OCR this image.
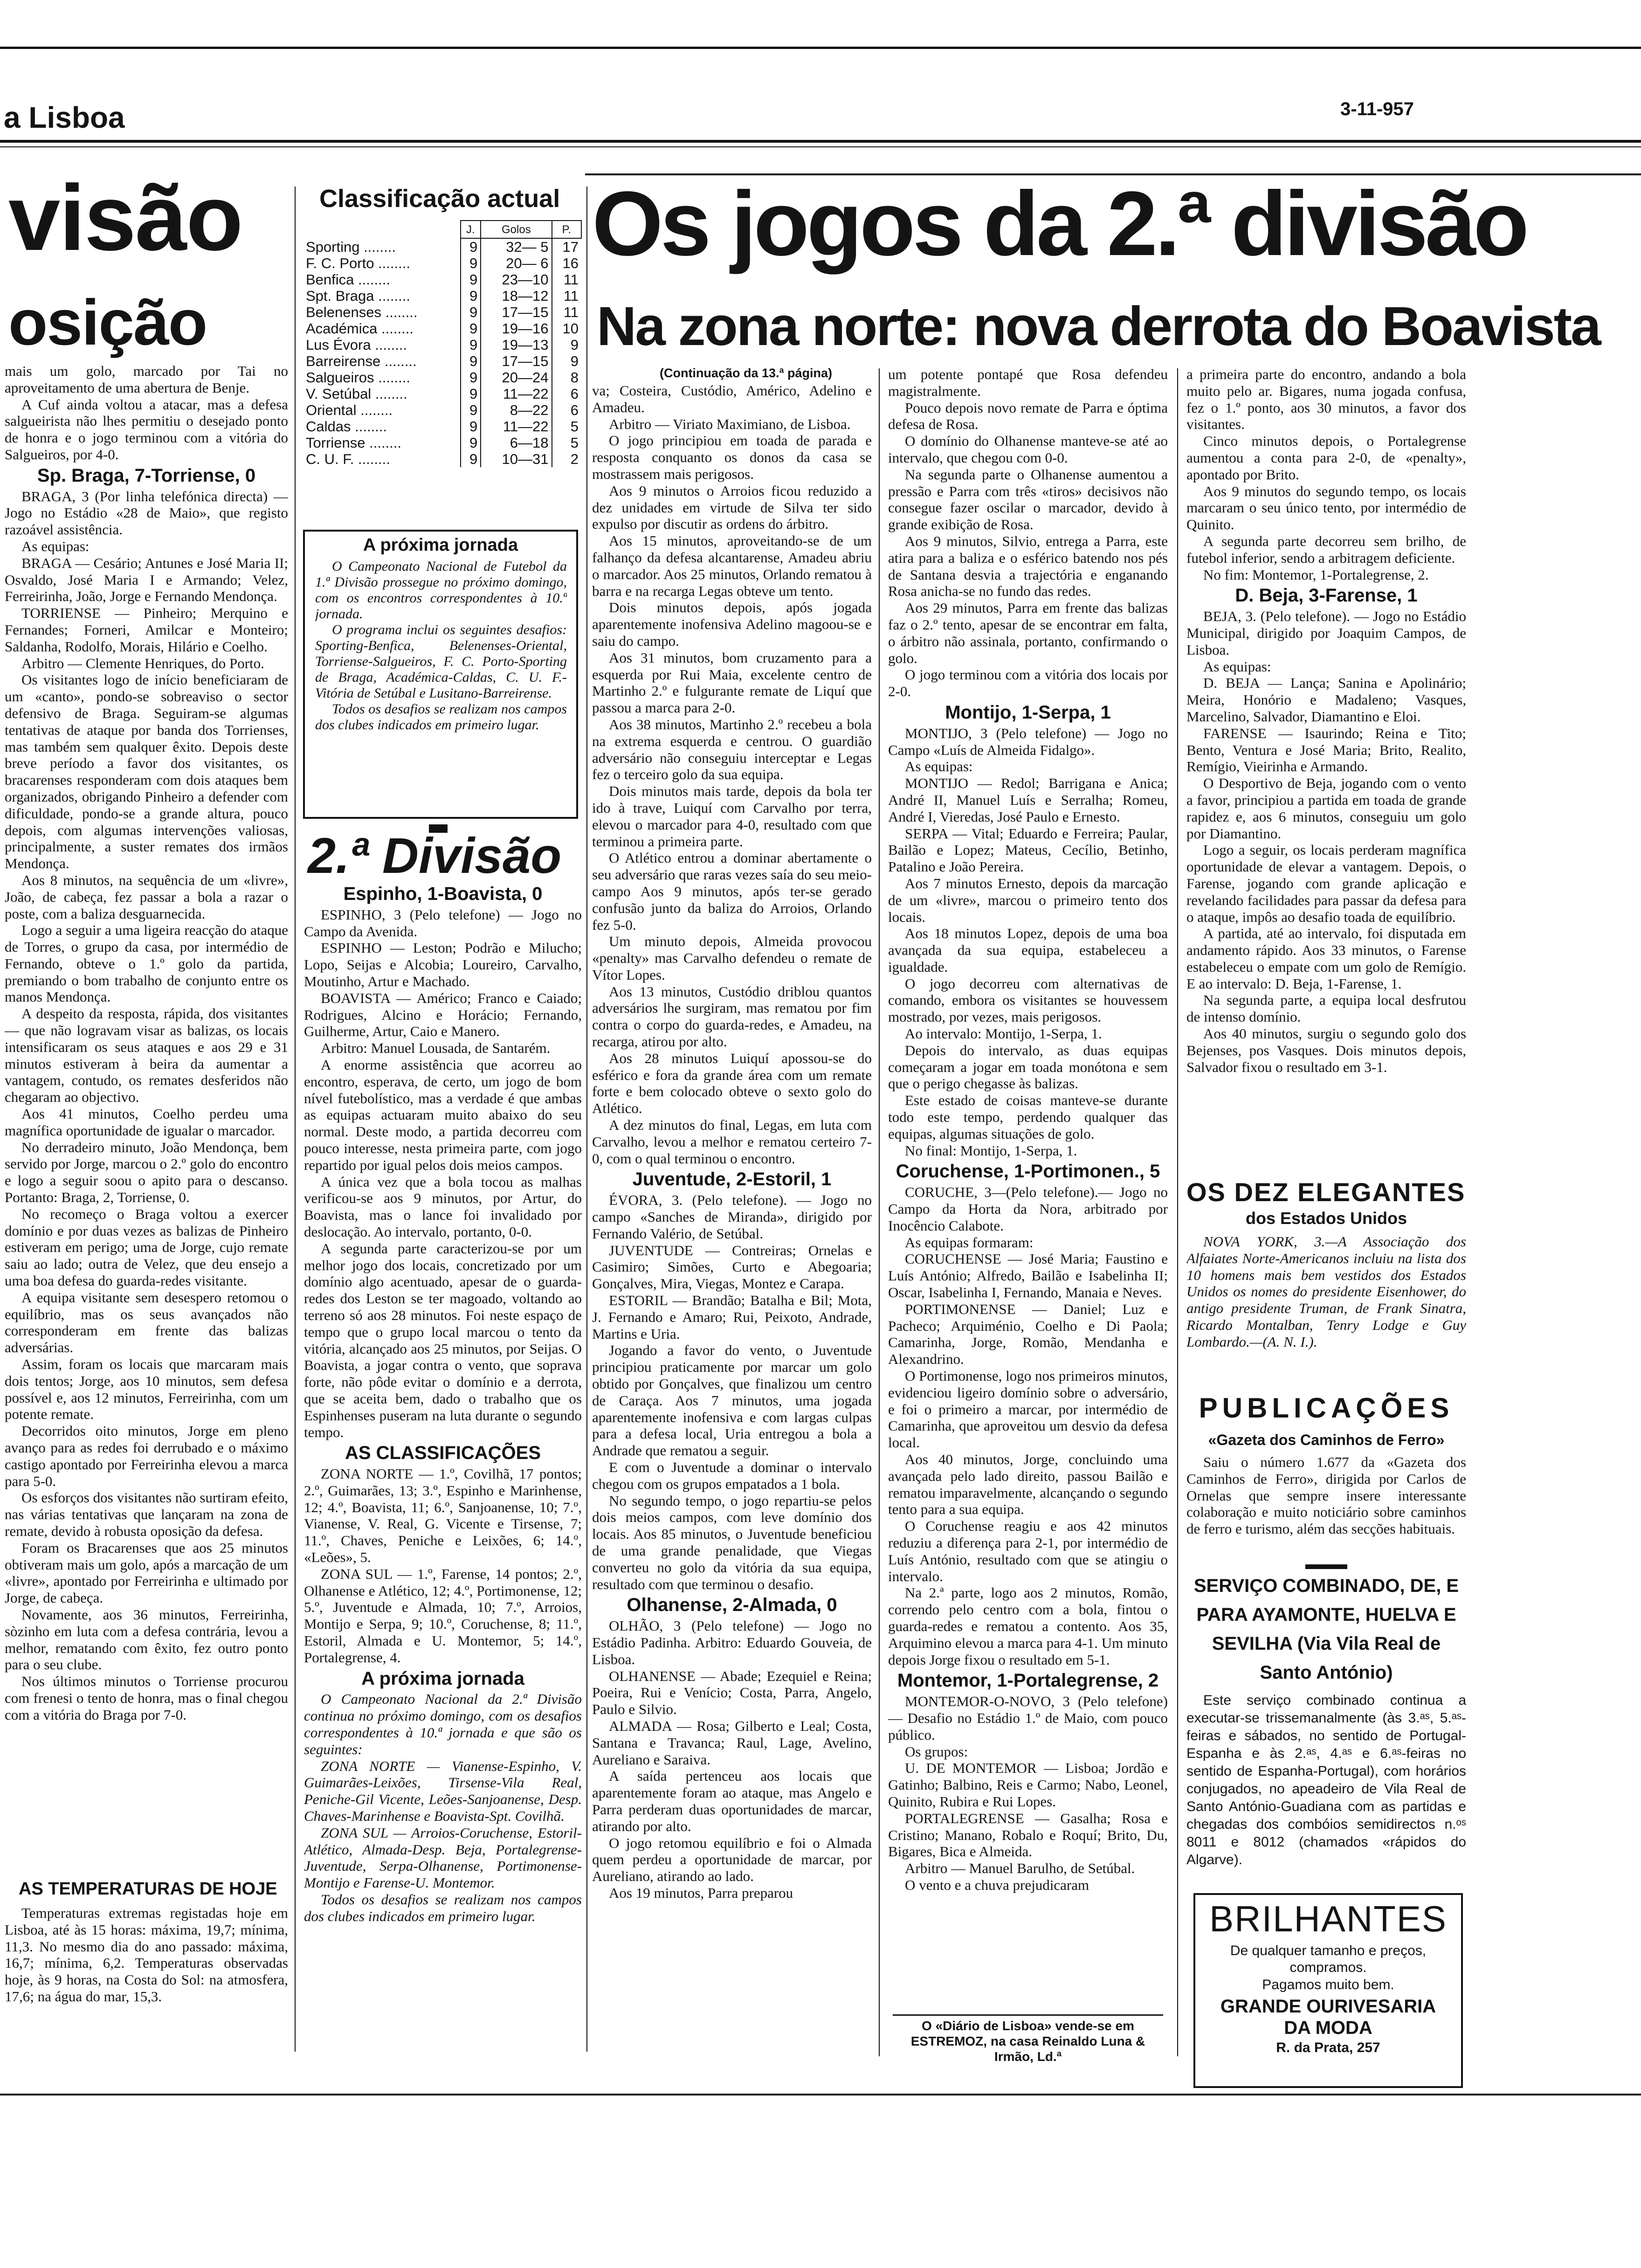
a Lisboa	3-11-957
visão
osição

mais um golo, marcado por Tai no aproveitamento de uma abertura de Benje.

A Cuf ainda voltou a atacar, mas a defesa salgueirista não lhes permitiu o desejado ponto de honra e o jogo terminou com a vitória do Salgueiros, por 4-0.

Sp. Braga, 7-Torriense, 0

BRAGA, 3 (Por linha telefónica directa) — Jogo no Estádio «28 de Maio», que registo razoável assistência.

As equipas:

BRAGA — Cesário; Antunes e José Maria II; Osvaldo, José Maria I e Armando; Velez, Ferreirinha, João, Jorge e Fernando Mendonça.

TORRIENSE — Pinheiro; Merquino e Fernandes; Forneri, Amilcar e Monteiro; Saldanha, Rodolfo, Morais, Hilário e Coelho.

Arbitro — Clemente Henriques, do Porto.

Os visitantes logo de início beneficiaram de um «canto», pondo-se sobreaviso o sector defensivo de Braga. Seguiram-se algumas tentativas de ataque por banda dos Torrienses, mas também sem qualquer êxito. Depois deste breve período a favor dos visitantes, os bracarenses responderam com dois ataques bem organizados, obrigando Pinheiro a defender com dificuldade, pondo-se a grande altura, pouco depois, com algumas intervenções valiosas, principalmente, a suster remates dos irmãos Mendonça.

Aos 8 minutos, na sequência de um «livre», João, de cabeça, fez passar a bola a razar o poste, com a baliza desguarnecida.

Logo a seguir a uma ligeira reacção do ataque de Torres, o grupo da casa, por intermédio de Fernando, obteve o 1.º golo da partida, premiando o bom trabalho de conjunto entre os manos Mendonça.

A despeito da resposta, rápida, dos visitantes — que não logravam visar as balizas, os locais intensificaram os seus ataques e aos 29 e 31 minutos estiveram à beira da aumentar a vantagem, contudo, os remates desferidos não chegaram ao objectivo.

Aos 41 minutos, Coelho perdeu uma magnífica oportunidade de igualar o marcador.

No derradeiro minuto, João Mendonça, bem servido por Jorge, marcou o 2.º golo do encontro e logo a seguir soou o apito para o descanso. Portanto: Braga, 2, Torriense, 0.

No recomeço o Braga voltou a exercer domínio e por duas vezes as balizas de Pinheiro estiveram em perigo; uma de Jorge, cujo remate saiu ao lado; outra de Velez, que deu ensejo a uma boa defesa do guarda-redes visitante.

A equipa visitante sem desespero retomou o equilíbrio, mas os seus avançados não corresponderam em frente das balizas adversárias.

Assim, foram os locais que marcaram mais dois tentos; Jorge, aos 10 minutos, sem defesa possível e, aos 12 minutos, Ferreirinha, com um potente remate.

Decorridos oito minutos, Jorge em pleno avanço para as redes foi derrubado e o máximo castigo apontado por Ferreirinha elevou a marca para 5-0.

Os esforços dos visitantes não surtiram efeito, nas várias tentativas que lançaram na zona de remate, devido à robusta oposição da defesa.

Foram os Bracarenses que aos 25 minutos obtiveram mais um golo, após a marcação de um «livre», apontado por Ferreirinha e ultimado por Jorge, de cabeça.

Novamente, aos 36 minutos, Ferreirinha, sòzinho em luta com a defesa contrária, levou a melhor, rematando com êxito, fez outro ponto para o seu clube.

Nos últimos minutos o Torriense procurou com frenesi o tento de honra, mas o final chegou com a vitória do Braga por 7-0.

AS TEMPERATURAS DE HOJE

Temperaturas extremas registadas hoje em Lisboa, até às 15 horas: máxima, 19,7; mínima, 11,3. No mesmo dia do ano passado: máxima, 16,7; mínima, 6,2. Temperaturas observadas hoje, às 9 horas, na Costa do Sol: na atmosfera, 17,6; na água do mar, 15,3.

Classificação actual
	J.	Golos	P.
Sporting ........	9	32— 5	17
F. C. Porto ........	9	20— 6	16
Benfica ........	9	23—10	11
Spt. Braga ........	9	18—12	11
Belenenses ........	9	17—15	11
Académica ........	9	19—16	10
Lus Évora ........	9	19—13	9
Barreirense ........	9	17—15	9
Salgueiros ........	9	20—24	8
V. Setúbal ........	9	11—22	6
Oriental ........	9	8—22	6
Caldas ........	9	11—22	5
Torriense ........	9	6—18	5
C. U. F. ........	9	10—31	2
A próxima jornada

O Campeonato Nacional de Futebol da 1.ª Divisão prossegue no próximo domingo, com os encontros correspondentes à 10.ª jornada.

O programa inclui os seguintes desafios: Sporting-Benfica, Belenenses-Oriental, Torriense-Salgueiros, F. C. Porto-Sporting de Braga, Académica-Caldas, C. U. F.-Vitória de Setúbal e Lusitano-Barreirense.

Todos os desafios se realizam nos campos dos clubes indicados em primeiro lugar.

2.ª Divisão
Espinho, 1-Boavista, 0

ESPINHO, 3 (Pelo telefone) — Jogo no Campo da Avenida.

ESPINHO — Leston; Podrão e Milucho; Lopo, Seijas e Alcobia; Loureiro, Carvalho, Moutinho, Artur e Machado.

BOAVISTA — Américo; Franco e Caiado; Rodrigues, Alcino e Horácio; Fernando, Guilherme, Artur, Caio e Manero.

Arbitro: Manuel Lousada, de Santarém.

A enorme assistência que acorreu ao encontro, esperava, de certo, um jogo de bom nível futebolístico, mas a verdade é que ambas as equipas actuaram muito abaixo do seu normal. Deste modo, a partida decorreu com pouco interesse, nesta primeira parte, com jogo repartido por igual pelos dois meios campos.

A única vez que a bola tocou as malhas verificou-se aos 9 minutos, por Artur, do Boavista, mas o lance foi invalidado por deslocação. Ao intervalo, portanto, 0-0.

A segunda parte caracterizou-se por um melhor jogo dos locais, concretizado por um domínio algo acentuado, apesar de o guarda-redes dos Leston se ter magoado, voltando ao terreno só aos 28 minutos. Foi neste espaço de tempo que o grupo local marcou o tento da vitória, alcançado aos 25 minutos, por Seijas. O Boavista, a jogar contra o vento, que soprava forte, não pôde evitar o domínio e a derrota, que se aceita bem, dado o trabalho que os Espinhenses puseram na luta durante o segundo tempo.

AS CLASSIFICAÇÕES

ZONA NORTE — 1.º, Covilhã, 17 pontos; 2.º, Guimarães, 13; 3.º, Espinho e Marinhense, 12; 4.º, Boavista, 11; 6.º, Sanjoanense, 10; 7.º, Vianense, V. Real, G. Vicente e Tirsense, 7; 11.º, Chaves, Peniche e Leixões, 6; 14.º, «Leões», 5.

ZONA SUL — 1.º, Farense, 14 pontos; 2.º, Olhanense e Atlético, 12; 4.º, Portimonense, 12; 5.º, Juventude e Almada, 10; 7.º, Arroios, Montijo e Serpa, 9; 10.º, Coruchense, 8; 11.º, Estoril, Almada e U. Montemor, 5; 14.º, Portalegrense, 4.

A próxima jornada

O Campeonato Nacional da 2.ª Divisão continua no próximo domingo, com os desafios correspondentes à 10.ª jornada e que são os seguintes:

ZONA NORTE — Vianense-Espinho, V. Guimarães-Leixões, Tirsense-Vila Real, Peniche-Gil Vicente, Leões-Sanjoanense, Desp. Chaves-Marinhense e Boavista-Spt. Covilhã.

ZONA SUL — Arroios-Coruchense, Estoril-Atlético, Almada-Desp. Beja, Portalegrense-Juventude, Serpa-Olhanense, Portimonense-Montijo e Farense-U. Montemor.

Todos os desafios se realizam nos campos dos clubes indicados em primeiro lugar.

Os jogos da 2.ª divisão
Na zona norte: nova derrota do Boavista
(Continuação da 13.ª página)

va; Costeira, Custódio, Américo, Adelino e Amadeu.

Arbitro — Viriato Maximiano, de Lisboa.

O jogo principiou em toada de parada e resposta conquanto os donos da casa se mostrassem mais perigosos.

Aos 9 minutos o Arroios ficou reduzido a dez unidades em virtude de Silva ter sido expulso por discutir as ordens do árbitro.

Aos 15 minutos, aproveitando-se de um falhanço da defesa alcantarense, Amadeu abriu o marcador. Aos 25 minutos, Orlando rematou à barra e na recarga Legas obteve um tento.

Dois minutos depois, após jogada aparentemente inofensiva Adelino magoou-se e saiu do campo.

Aos 31 minutos, bom cruzamento para a esquerda por Rui Maia, excelente centro de Martinho 2.º e fulgurante remate de Liquí que passou a marca para 2-0.

Aos 38 minutos, Martinho 2.º recebeu a bola na extrema esquerda e centrou. O guardião adversário não conseguiu interceptar e Legas fez o terceiro golo da sua equipa.

Dois minutos mais tarde, depois da bola ter ido à trave, Luiquí com Carvalho por terra, elevou o marcador para 4-0, resultado com que terminou a primeira parte.

O Atlético entrou a dominar abertamente o seu adversário que raras vezes saía do seu meio-campo Aos 9 minutos, após ter-se gerado confusão junto da baliza do Arroios, Orlando fez 5-0.

Um minuto depois, Almeida provocou «penalty» mas Carvalho defendeu o remate de Vítor Lopes.

Aos 13 minutos, Custódio driblou quantos adversários lhe surgiram, mas rematou por fim contra o corpo do guarda-redes, e Amadeu, na recarga, atirou por alto.

Aos 28 minutos Luiquí apossou-se do esférico e fora da grande área com um remate forte e bem colocado obteve o sexto golo do Atlético.

A dez minutos do final, Legas, em luta com Carvalho, levou a melhor e rematou certeiro 7-0, com o qual terminou o encontro.

Juventude, 2-Estoril, 1

ÉVORA, 3. (Pelo telefone). — Jogo no campo «Sanches de Miranda», dirigido por Fernando Valério, de Setúbal.

JUVENTUDE — Contreiras; Ornelas e Casimiro; Simões, Curto e Abegoaria; Gonçalves, Mira, Viegas, Montez e Carapa.

ESTORIL — Brandão; Batalha e Bil; Mota, J. Fernando e Amaro; Rui, Peixoto, Andrade, Martins e Uria.

Jogando a favor do vento, o Juventude principiou praticamente por marcar um golo obtido por Gonçalves, que finalizou um centro de Caraça. Aos 7 minutos, uma jogada aparentemente inofensiva e com largas culpas para a defesa local, Uria entregou a bola a Andrade que rematou a seguir.

E com o Juventude a dominar o intervalo chegou com os grupos empatados a 1 bola.

No segundo tempo, o jogo repartiu-se pelos dois meios campos, com leve domínio dos locais. Aos 85 minutos, o Juventude beneficiou de uma grande penalidade, que Viegas converteu no golo da vitória da sua equipa, resultado com que terminou o desafio.

Olhanense, 2-Almada, 0

OLHÃO, 3 (Pelo telefone) — Jogo no Estádio Padinha. Arbitro: Eduardo Gouveia, de Lisboa.

OLHANENSE — Abade; Ezequiel e Reina; Poeira, Rui e Venício; Costa, Parra, Angelo, Paulo e Silvio.

ALMADA — Rosa; Gilberto e Leal; Costa, Santana e Travanca; Raul, Lage, Avelino, Aureliano e Saraiva.

A saída pertenceu aos locais que aparentemente foram ao ataque, mas Angelo e Parra perderam duas oportunidades de marcar, atirando por alto.

O jogo retomou equilíbrio e foi o Almada quem perdeu a oportunidade de marcar, por Aureliano, atirando ao lado.

Aos 19 minutos, Parra preparou

um potente pontapé que Rosa defendeu magistralmente.

Pouco depois novo remate de Parra e óptima defesa de Rosa.

O domínio do Olhanense manteve-se até ao intervalo, que chegou com 0-0.

Na segunda parte o Olhanense aumentou a pressão e Parra com três «tiros» decisivos não consegue fazer oscilar o marcador, devido à grande exibição de Rosa.

Aos 9 minutos, Silvio, entrega a Parra, este atira para a baliza e o esférico batendo nos pés de Santana desvia a trajectória e enganando Rosa anicha-se no fundo das redes.

Aos 29 minutos, Parra em frente das balizas faz o 2.º tento, apesar de se encontrar em falta, o árbitro não assinala, portanto, confirmando o golo.

O jogo terminou com a vitória dos locais por 2-0.

Montijo, 1-Serpa, 1

MONTIJO, 3 (Pelo telefone) — Jogo no Campo «Luís de Almeida Fidalgo».

As equipas:

MONTIJO — Redol; Barrigana e Anica; André II, Manuel Luís e Serralha; Romeu, André I, Vieredas, José Paulo e Ernesto.

SERPA — Vital; Eduardo e Ferreira; Paular, Bailão e Lopez; Mateus, Cecílio, Betinho, Patalino e João Pereira.

Aos 7 minutos Ernesto, depois da marcação de um «livre», marcou o primeiro tento dos locais.

Aos 18 minutos Lopez, depois de uma boa avançada da sua equipa, estabeleceu a igualdade.

O jogo decorreu com alternativas de comando, embora os visitantes se houvessem mostrado, por vezes, mais perigosos.

Ao intervalo: Montijo, 1-Serpa, 1.

Depois do intervalo, as duas equipas começaram a jogar em toada monótona e sem que o perigo chegasse às balizas.

Este estado de coisas manteve-se durante todo este tempo, perdendo qualquer das equipas, algumas situações de golo.

No final: Montijo, 1-Serpa, 1.

Coruchense, 1-Portimonen., 5

CORUCHE, 3—(Pelo telefone).— Jogo no Campo da Horta da Nora, arbitrado por Inocêncio Calabote.

As equipas formaram:

CORUCHENSE — José Maria; Faustino e Luís António; Alfredo, Bailão e Isabelinha II; Oscar, Isabelinha I, Fernando, Manaia e Neves.

PORTIMONENSE — Daniel; Luz e Pacheco; Arquiménio, Coelho e Di Paola; Camarinha, Jorge, Romão, Mendanha e Alexandrino.

O Portimonense, logo nos primeiros minutos, evidenciou ligeiro domínio sobre o adversário, e foi o primeiro a marcar, por intermédio de Camarinha, que aproveitou um desvio da defesa local.

Aos 40 minutos, Jorge, concluindo uma avançada pelo lado direito, passou Bailão e rematou imparavelmente, alcançando o segundo tento para a sua equipa.

O Coruchense reagiu e aos 42 minutos reduziu a diferença para 2-1, por intermédio de Luís António, resultado com que se atingiu o intervalo.

Na 2.ª parte, logo aos 2 minutos, Romão, correndo pelo centro com a bola, fintou o guarda-redes e rematou a contento. Aos 35, Arquimino elevou a marca para 4-1. Um minuto depois Jorge fixou o resultado em 5-1.

Montemor, 1-Portalegrense, 2

MONTEMOR-O-NOVO, 3 (Pelo telefone) — Desafio no Estádio 1.º de Maio, com pouco público.

Os grupos:

U. DE MONTEMOR — Lisboa; Jordão e Gatinho; Balbino, Reis e Carmo; Nabo, Leonel, Quinito, Rubira e Rui Lopes.

PORTALEGRENSE — Gasalha; Rosa e Cristino; Manano, Robalo e Roquí; Brito, Du, Bigares, Bica e Almeida.

Arbitro — Manuel Barulho, de Setúbal.

O vento e a chuva prejudicaram

O «Diário de Lisboa» vende-se em ESTREMOZ, na casa Reinaldo Luna & Irmão, Ld.ª

a primeira parte do encontro, andando a bola muito pelo ar. Bigares, numa jogada confusa, fez o 1.º ponto, aos 30 minutos, a favor dos visitantes.

Cinco minutos depois, o Portalegrense aumentou a conta para 2-0, de «penalty», apontado por Brito.

Aos 9 minutos do segundo tempo, os locais marcaram o seu único tento, por intermédio de Quinito.

A segunda parte decorreu sem brilho, de futebol inferior, sendo a arbitragem deficiente.

No fim: Montemor, 1-Portalegrense, 2.

D. Beja, 3-Farense, 1

BEJA, 3. (Pelo telefone). — Jogo no Estádio Municipal, dirigido por Joaquim Campos, de Lisboa.

As equipas:

D. BEJA — Lança; Sanina e Apolinário; Meira, Honório e Madaleno; Vasques, Marcelino, Salvador, Diamantino e Eloi.

FARENSE — Isaurindo; Reina e Tito; Bento, Ventura e José Maria; Brito, Realito, Remígio, Vieirinha e Armando.

O Desportivo de Beja, jogando com o vento a favor, principiou a partida em toada de grande rapidez e, aos 6 minutos, conseguiu um golo por Diamantino.

Logo a seguir, os locais perderam magnífica oportunidade de elevar a vantagem. Depois, o Farense, jogando com grande aplicação e revelando facilidades para passar da defesa para o ataque, impôs ao desafio toada de equilíbrio.

A partida, até ao intervalo, foi disputada em andamento rápido. Aos 33 minutos, o Farense estabeleceu o empate com um golo de Remígio. E ao intervalo: D. Beja, 1-Farense, 1.

Na segunda parte, a equipa local desfrutou de intenso domínio.

Aos 40 minutos, surgiu o segundo golo dos Bejenses, pos Vasques. Dois minutos depois, Salvador fixou o resultado em 3-1.

OS DEZ ELEGANTES
dos Estados Unidos

NOVA YORK, 3.—A Associação dos Alfaiates Norte-Americanos incluiu na lista dos 10 homens mais bem vestidos dos Estados Unidos os nomes do presidente Eisenhower, do antigo presidente Truman, de Frank Sinatra, Ricardo Montalban, Tenry Lodge e Guy Lombardo.—(A. N. I.).

PUBLICAÇÕES
«Gazeta dos Caminhos de Ferro»

Saiu o número 1.677 da «Gazeta dos Caminhos de Ferro», dirigida por Carlos de Ornelas que sempre insere interessante colaboração e muito noticiário sobre caminhos de ferro e turismo, além das secções habituais.

SERVIÇO COMBINADO, DE, E PARA AYAMONTE, HUELVA E SEVILHA (Via Vila Real de Santo António)

Este serviço combinado continua a executar-se trissemanalmente (às 3.ᵃˢ, 5.ᵃˢ-feiras e sábados, no sentido de Portugal-Espanha e às 2.ᵃˢ, 4.ᵃˢ e 6.ᵃˢ-feiras no sentido de Espanha-Portugal), com horários conjugados, no apeadeiro de Vila Real de Santo António-Guadiana com as partidas e chegadas dos combóios semidirectos n.ᵒˢ 8011 e 8012 (chamados «rápidos do Algarve).

BRILHANTES
De qualquer tamanho e preços, compramos.
Pagamos muito bem.
GRANDE OURIVESARIA DA MODA
R. da Prata, 257
